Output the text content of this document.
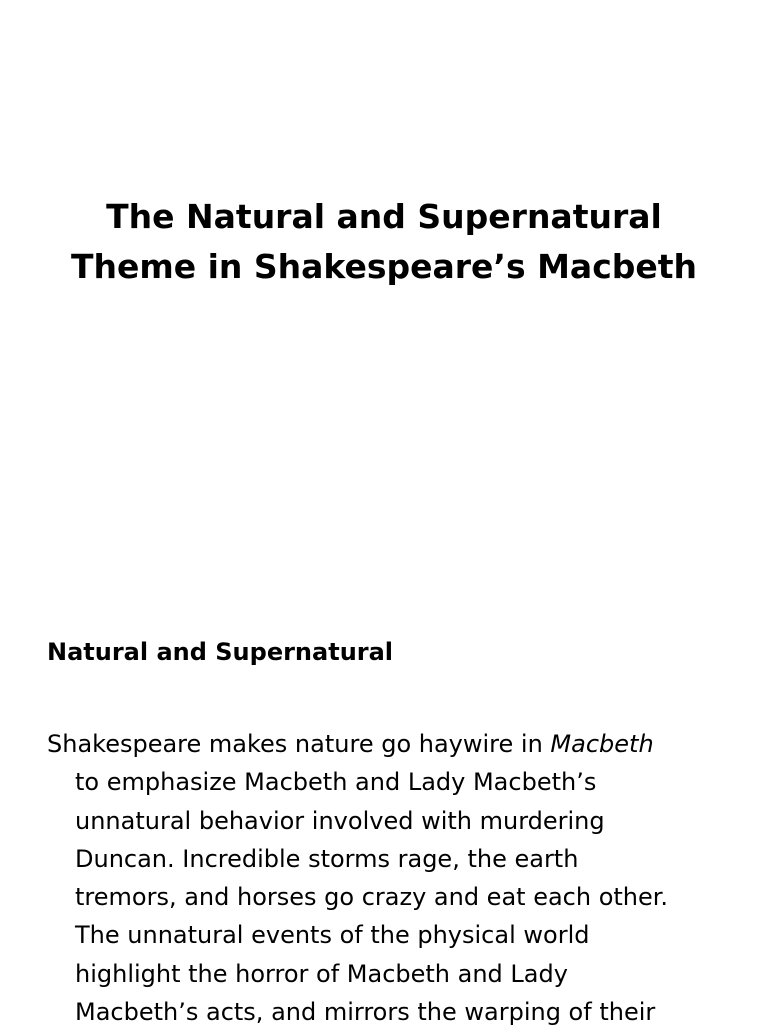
The Natural and Supernatural
Theme in Shakespeare’s Macbeth
Natural and Supernatural

Shakespeare makes nature go haywire in Macbeth
to emphasize Macbeth and Lady Macbeth’s
unnatural behavior involved with murdering
Duncan. Incredible storms rage, the earth
tremors, and horses go crazy and eat each other.
The unnatural events of the physical world
highlight the horror of Macbeth and Lady
Macbeth’s acts, and mirrors the warping of their
